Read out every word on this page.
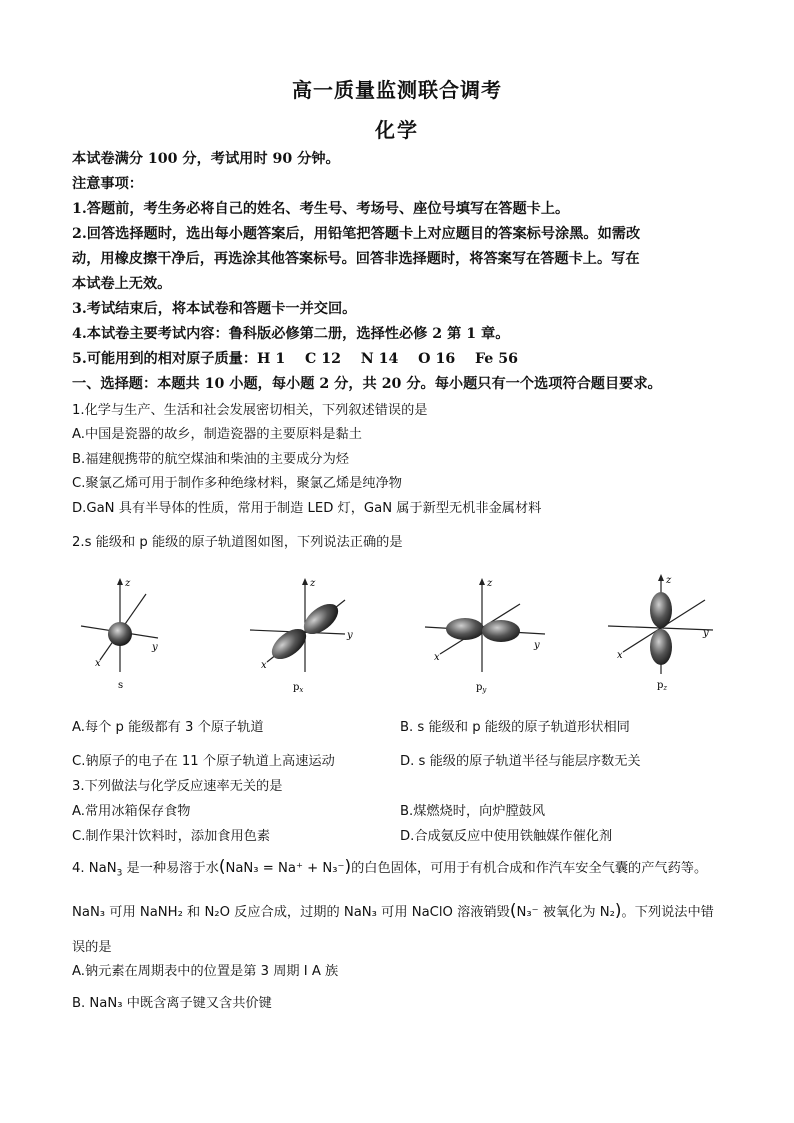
高一质量监测联合调考
化学
本试卷满分 100 分，考试用时 90 分钟。
注意事项：
1.答题前，考生务必将自己的姓名、考生号、考场号、座位号填写在答题卡上。
2.回答选择题时，选出每小题答案后，用铅笔把答题卡上对应题目的答案标号涂黑。如需改
动，用橡皮擦干净后，再选涂其他答案标号。回答非选择题时，将答案写在答题卡上。写在
本试卷上无效。
3.考试结束后，将本试卷和答题卡一并交回。
4.本试卷主要考试内容：鲁科版必修第二册，选择性必修 2 第 1 章。
5.可能用到的相对原子质量：H 1    C 12    N 14    O 16    Fe 56
一、选择题：本题共 10 小题，每小题 2 分，共 20 分。每小题只有一个选项符合题目要求。
1.化学与生产、生活和社会发展密切相关，下列叙述错误的是
A.中国是瓷器的故乡，制造瓷器的主要原料是黏土
B.福建舰携带的航空煤油和柴油的主要成分为烃
C.聚氯乙烯可用于制作多种绝缘材料，聚氯乙烯是纯净物
D.GaN 具有半导体的性质，常用于制造 LED 灯，GaN 属于新型无机非金属材料
2.s 能级和 p 能级的原子轨道图如图，下列说法正确的是
z
y
x
s
z
y
x
$p_x$
z
y
x
$p_y$
z
y
x
$p_z$
A.每个 p 能级都有 3 个原子轨道	B. s 能级和 p 能级的原子轨道形状相同
C.钠原子的电子在 11 个原子轨道上高速运动	D. s 能级的原子轨道半径与能层序数无关
3.下列做法与化学反应速率无关的是
A.常用冰箱保存食物	B.煤燃烧时，向炉膛鼓风
C.制作果汁饮料时，添加食用色素	D.合成氨反应中使用铁触媒作催化剂
4. NaN$_3$ 是一种易溶于水(NaN₃ = Na⁺ + N₃⁻)的白色固体，可用于有机合成和作汽车安全气囊的产气药等。
NaN₃ 可用 NaNH₂ 和 N₂O 反应合成，过期的 NaN₃ 可用 NaClO 溶液销毁(N₃⁻ 被氧化为 N₂)。下列说法中错
误的是
A.钠元素在周期表中的位置是第 3 周期 I A 族
B. NaN₃ 中既含离子键又含共价键
